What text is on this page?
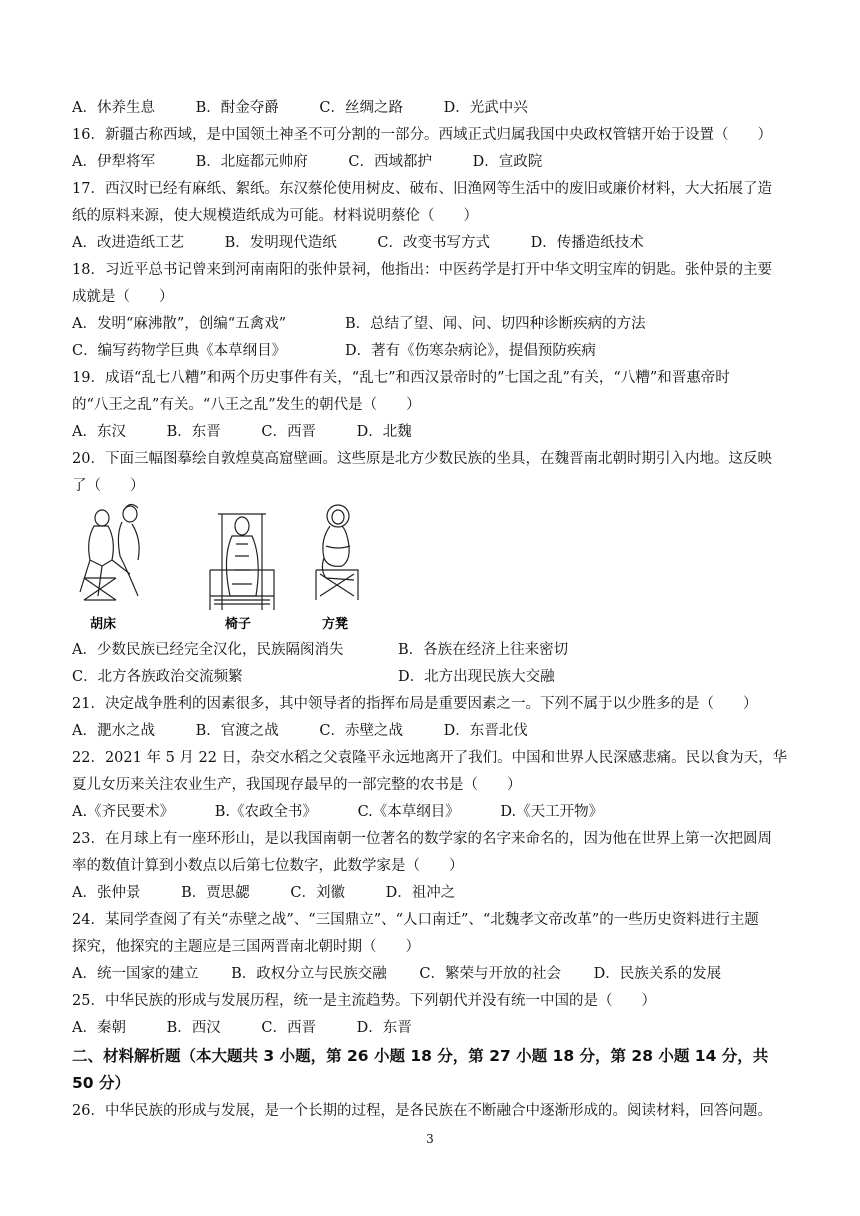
A．休养生息	B．酎金夺爵	C．丝绸之路	D．光武中兴
16．新疆古称西域，是中国领土神圣不可分割的一部分。西域正式归属我国中央政权管辖开始于设置（　　）
A．伊犁将军	B．北庭都元帅府	C．西域都护	D．宣政院
17．西汉时已经有麻纸、絮纸。东汉蔡伦使用树皮、破布、旧渔网等生活中的废旧或廉价材料，大大拓展了造
纸的原料来源，使大规模造纸成为可能。材料说明蔡伦（　　）
A．改进造纸工艺	B．发明现代造纸	C．改变书写方式	D．传播造纸技术
18．习近平总书记曾来到河南南阳的张仲景祠，他指出：中医药学是打开中华文明宝库的钥匙。张仲景的主要
成就是（　　）
A．发明“麻沸散”，创编“五禽戏”	B．总结了望、闻、问、切四种诊断疾病的方法
C．编写药物学巨典《本草纲目》	D．著有《伤寒杂病论》，提倡预防疾病
19．成语“乱七八糟”和两个历史事件有关，“乱七”和西汉景帝时的”七国之乱”有关，“八糟”和晋惠帝时
的“八王之乱”有关。“八王之乱”发生的朝代是（　　）
A．东汉	B．东晋	C．西晋	D．北魏
20．下面三幅图摹绘自敦煌莫高窟壁画。这些原是北方少数民族的坐具，在魏晋南北朝时期引入内地。这反映
了（　　）
胡床	椅子	方凳
A．少数民族已经完全汉化，民族隔阂消失	B．各族在经济上往来密切
C．北方各族政治交流频繁	D．北方出现民族大交融
21．决定战争胜利的因素很多，其中领导者的指挥布局是重要因素之一。下列不属于以少胜多的是（　　）
A．淝水之战	B．官渡之战	C．赤壁之战	D．东晋北伐
22．2021 年 5 月 22 日，杂交水稻之父袁隆平永远地离开了我们。中国和世界人民深感悲痛。民以食为天，华
夏儿女历来关注农业生产，我国现存最早的一部完整的农书是（　　）
A.《齐民要术》	B.《农政全书》	C.《本草纲目》	D.《天工开物》
23．在月球上有一座环形山，是以我国南朝一位著名的数学家的名字来命名的，因为他在世界上第一次把圆周
率的数值计算到小数点以后第七位数字，此数学家是（　　）
A．张仲景	B．贾思勰	C．刘徽	D．祖冲之
24．某同学查阅了有关“赤壁之战”、“三国鼎立”、“人口南迁”、“北魏孝文帝改革”的一些历史资料进行主题
探究，他探究的主题应是三国两晋南北朝时期（　　）
A．统一国家的建立 B．政权分立与民族交融 C．繁荣与开放的社会 D．民族关系的发展
25．中华民族的形成与发展历程，统一是主流趋势。下列朝代并没有统一中国的是（　　）
A．秦朝	B．西汉	C．西晋	D．东晋
二、材料解析题（本大题共 3 小题，第 26 小题 18 分，第 27 小题 18 分，第 28 小题 14 分，共
50 分）
26．中华民族的形成与发展，是一个长期的过程，是各民族在不断融合中逐渐形成的。阅读材料，回答问题。
3
